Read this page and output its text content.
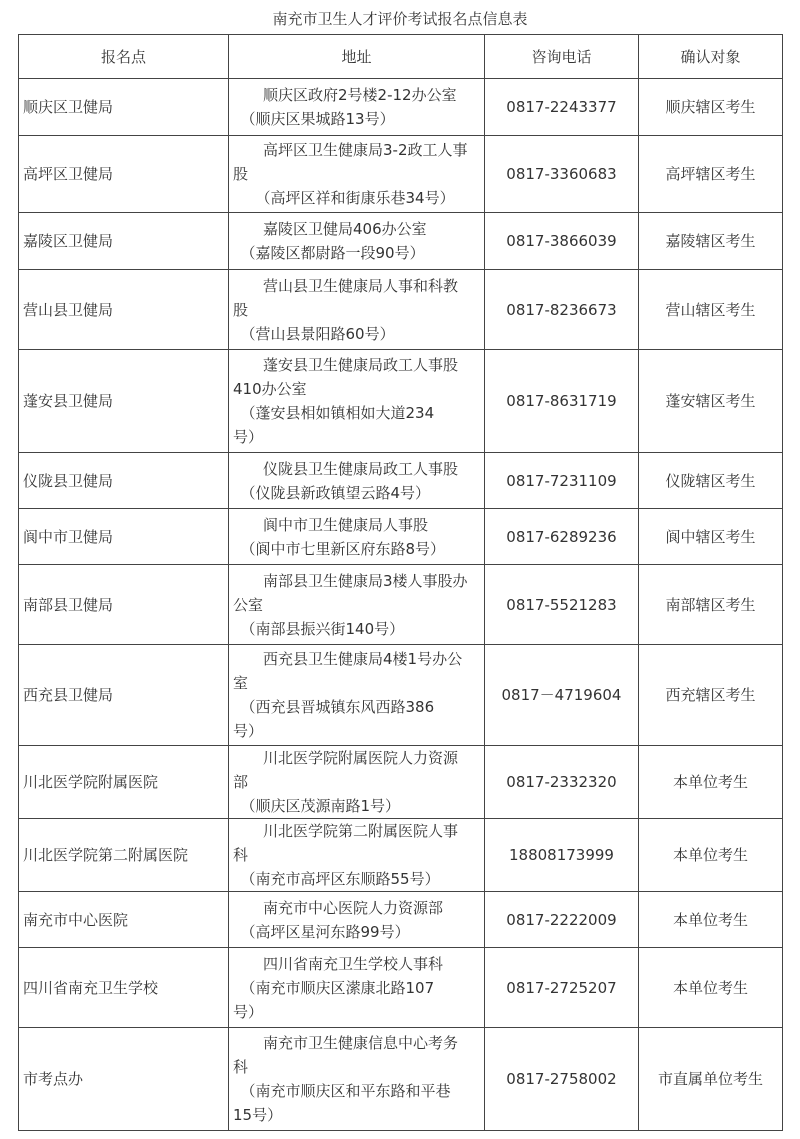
南充市卫生人才评价考试报名点信息表
报名点	地址	咨询电话	确认对象
顺庆区卫健局	　　顺庆区政府2号楼2-12办公室
　（顺庆区果城路13号）	0817-2243377	顺庆辖区考生
高坪区卫健局	　　高坪区卫生健康局3-2政工人事
股
　　（高坪区祥和街康乐巷34号）	0817-3360683	高坪辖区考生
嘉陵区卫健局	　　嘉陵区卫健局406办公室
　（嘉陵区都尉路一段90号）	0817-3866039	嘉陵辖区考生
营山县卫健局	　　营山县卫生健康局人事和科教
股
　（营山县景阳路60号）	0817-8236673	营山辖区考生
蓬安县卫健局	　　蓬安县卫生健康局政工人事股
410办公室
　（蓬安县相如镇相如大道234
号）	0817-8631719	蓬安辖区考生
仪陇县卫健局	　　仪陇县卫生健康局政工人事股
　（仪陇县新政镇望云路4号）	0817-7231109	仪陇辖区考生
阆中市卫健局	　　阆中市卫生健康局人事股
　（阆中市七里新区府东路8号）	0817-6289236	阆中辖区考生
南部县卫健局	　　南部县卫生健康局3楼人事股办
公室
　（南部县振兴街140号）	0817-5521283	南部辖区考生
西充县卫健局	　　西充县卫生健康局4楼1号办公
室
　（西充县晋城镇东风西路386
号）	0817－4719604	西充辖区考生
川北医学院附属医院	　　川北医学院附属医院人力资源
部
　（顺庆区茂源南路1号）	0817-2332320	本单位考生
川北医学院第二附属医院	　　川北医学院第二附属医院人事
科
　（南充市高坪区东顺路55号）	18808173999	本单位考生
南充市中心医院	　　南充市中心医院人力资源部
　（高坪区星河东路99号）	0817-2222009	本单位考生
四川省南充卫生学校	　　四川省南充卫生学校人事科
　（南充市顺庆区潆康北路107
号）	0817-2725207	本单位考生
市考点办	　　南充市卫生健康信息中心考务
科
　（南充市顺庆区和平东路和平巷
15号）	0817-2758002	市直属单位考生
